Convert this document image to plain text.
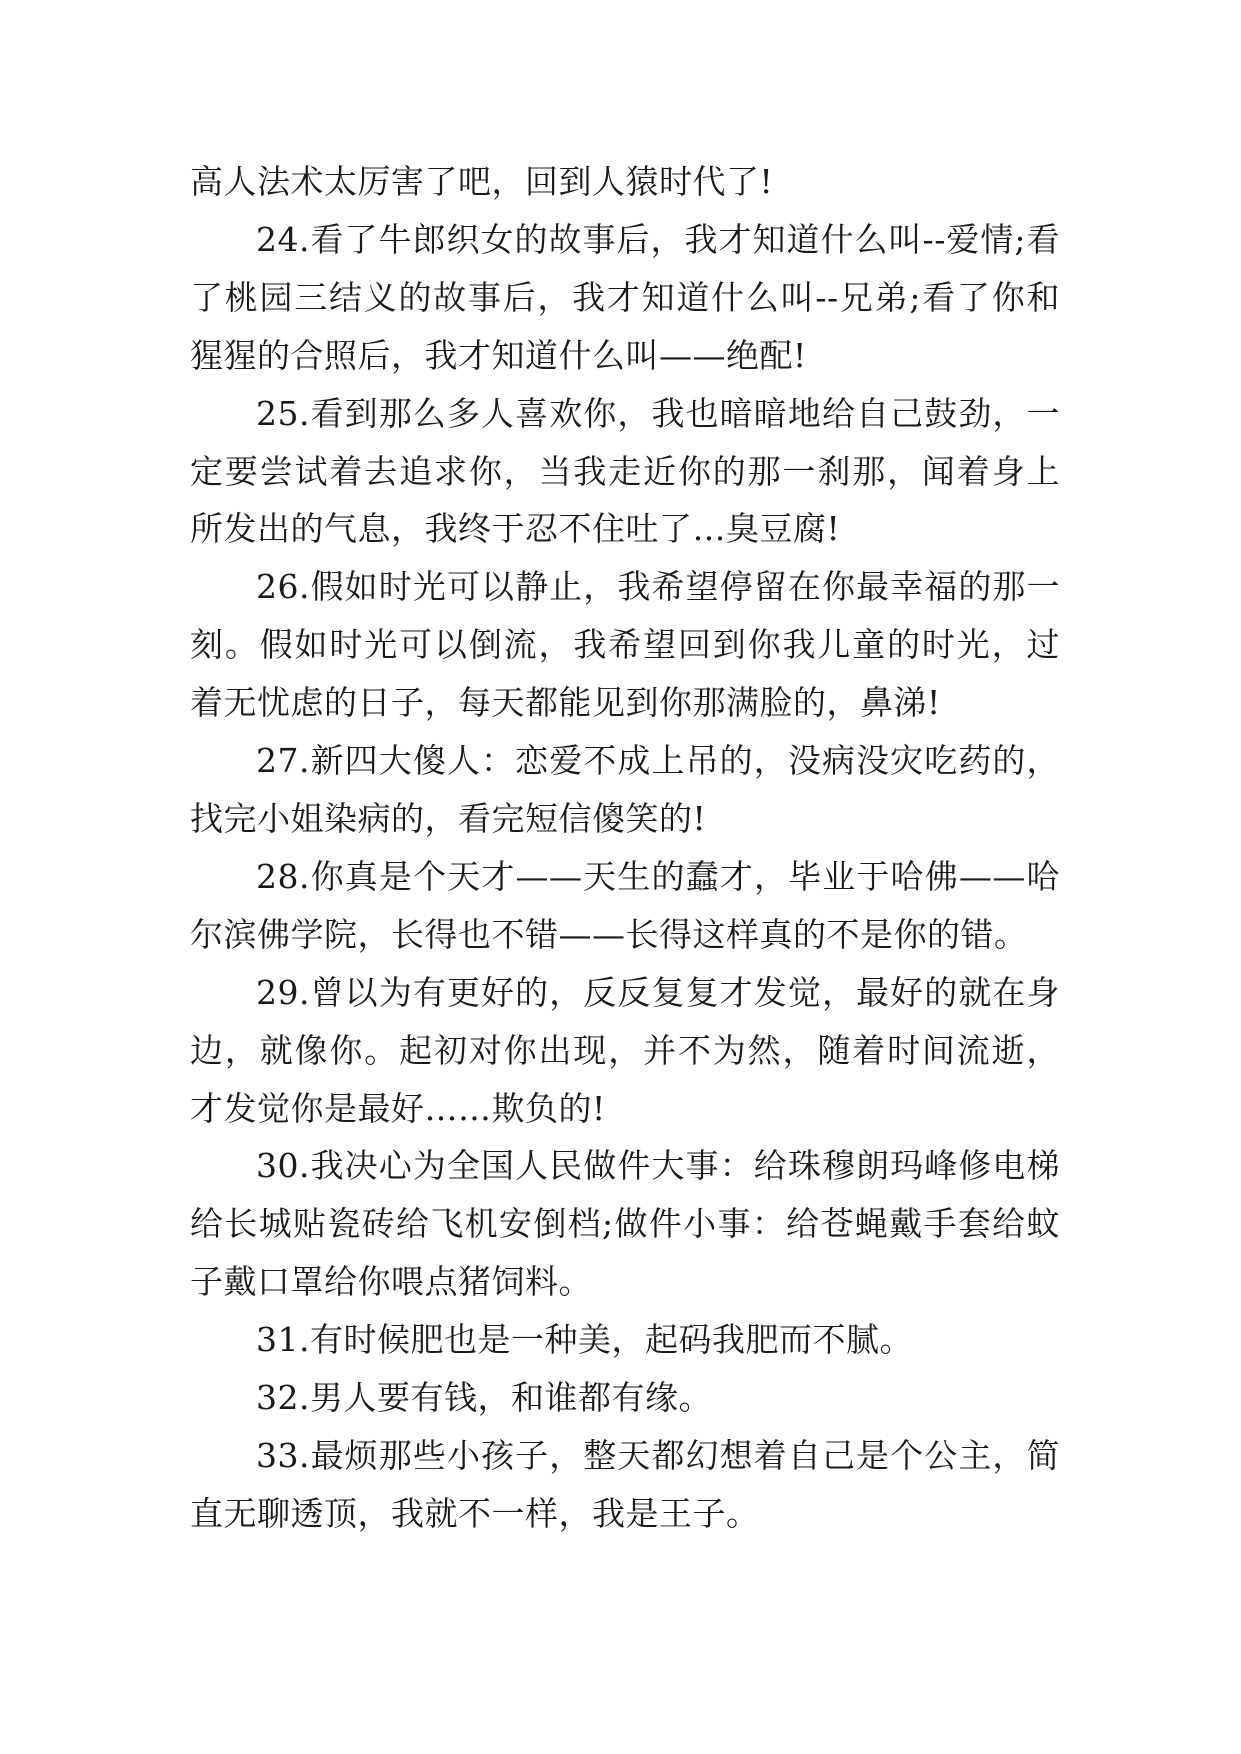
高人法术太厉害了吧，回到人猿时代了!

24.看了牛郎织女的故事后，我才知道什么叫--爱情;看了桃园三结义的故事后，我才知道什么叫--兄弟;看了你和猩猩的合照后，我才知道什么叫——绝配!

25.看到那么多人喜欢你，我也暗暗地给自己鼓劲，一定要尝试着去追求你，当我走近你的那一刹那，闻着身上所发出的气息，我终于忍不住吐了…臭豆腐!

26.假如时光可以静止，我希望停留在你最幸福的那一刻。假如时光可以倒流，我希望回到你我儿童的时光，过着无忧虑的日子，每天都能见到你那满脸的，鼻涕!

27.新四大傻人：恋爱不成上吊的，没病没灾吃药的，找完小姐染病的，看完短信傻笑的!

28.你真是个天才——天生的蠢才，毕业于哈佛——哈尔滨佛学院，长得也不错——长得这样真的不是你的错。

29.曾以为有更好的，反反复复才发觉，最好的就在身边，就像你。起初对你出现，并不为然，随着时间流逝，才发觉你是最好……欺负的!

30.我决心为全国人民做件大事：给珠穆朗玛峰修电梯给长城贴瓷砖给飞机安倒档;做件小事：给苍蝇戴手套给蚊子戴口罩给你喂点猪饲料。

31.有时候肥也是一种美，起码我肥而不腻。

32.男人要有钱，和谁都有缘。

33.最烦那些小孩子，整天都幻想着自己是个公主，简直无聊透顶，我就不一样，我是王子。
